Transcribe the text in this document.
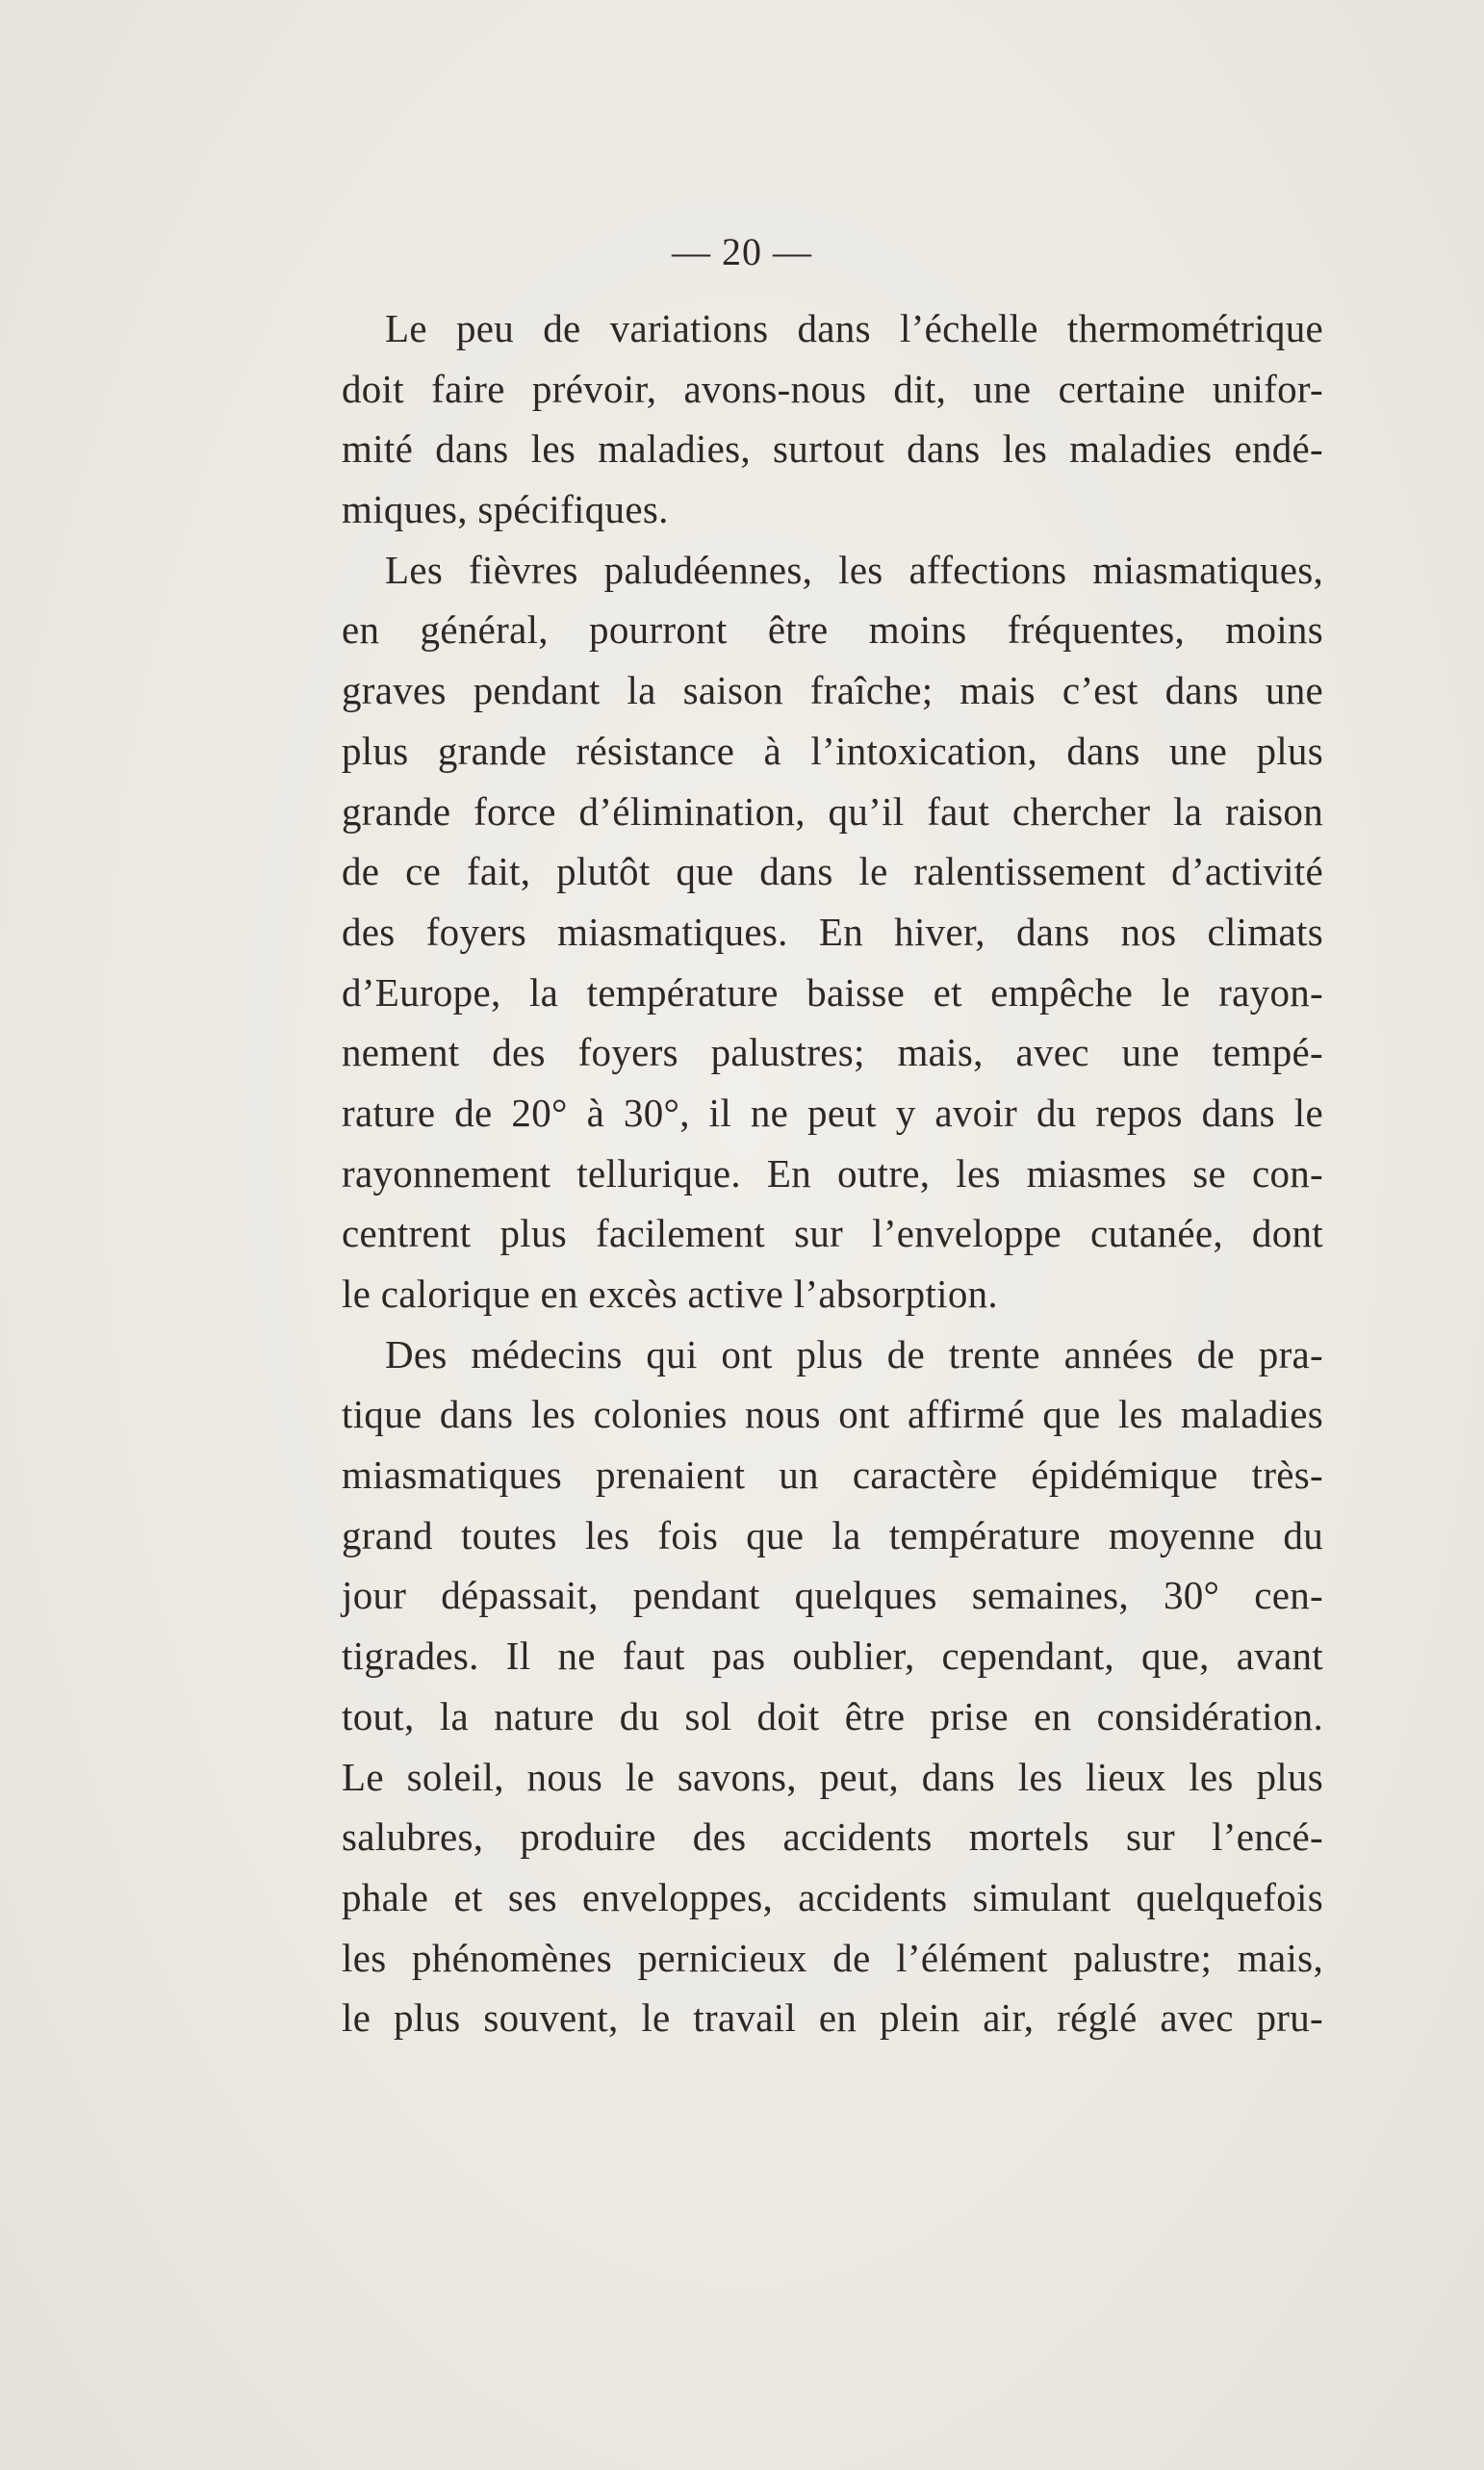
— 20 —
Le peu de variations dans l’échelle thermométrique
doit faire prévoir, avons-nous dit, une certaine unifor-
mité dans les maladies, surtout dans les maladies endé-
miques, spécifiques.
Les fièvres paludéennes, les affections miasmatiques,
en général, pourront être moins fréquentes, moins
graves pendant la saison fraîche; mais c’est dans une
plus grande résistance à l’intoxication, dans une plus
grande force d’élimination, qu’il faut chercher la raison
de ce fait, plutôt que dans le ralentissement d’activité
des foyers miasmatiques. En hiver, dans nos climats
d’Europe, la température baisse et empêche le rayon-
nement des foyers palustres; mais, avec une tempé-
rature de 20° à 30°, il ne peut y avoir du repos dans le
rayonnement tellurique. En outre, les miasmes se con-
centrent plus facilement sur l’enveloppe cutanée, dont
le calorique en excès active l’absorption.
Des médecins qui ont plus de trente années de pra-
tique dans les colonies nous ont affirmé que les maladies
miasmatiques prenaient un caractère épidémique très-
grand toutes les fois que la température moyenne du
jour dépassait, pendant quelques semaines, 30° cen-
tigrades. Il ne faut pas oublier, cependant, que, avant
tout, la nature du sol doit être prise en considération.
Le soleil, nous le savons, peut, dans les lieux les plus
salubres, produire des accidents mortels sur l’encé-
phale et ses enveloppes, accidents simulant quelquefois
les phénomènes pernicieux de l’élément palustre; mais,
le plus souvent, le travail en plein air, réglé avec pru-
